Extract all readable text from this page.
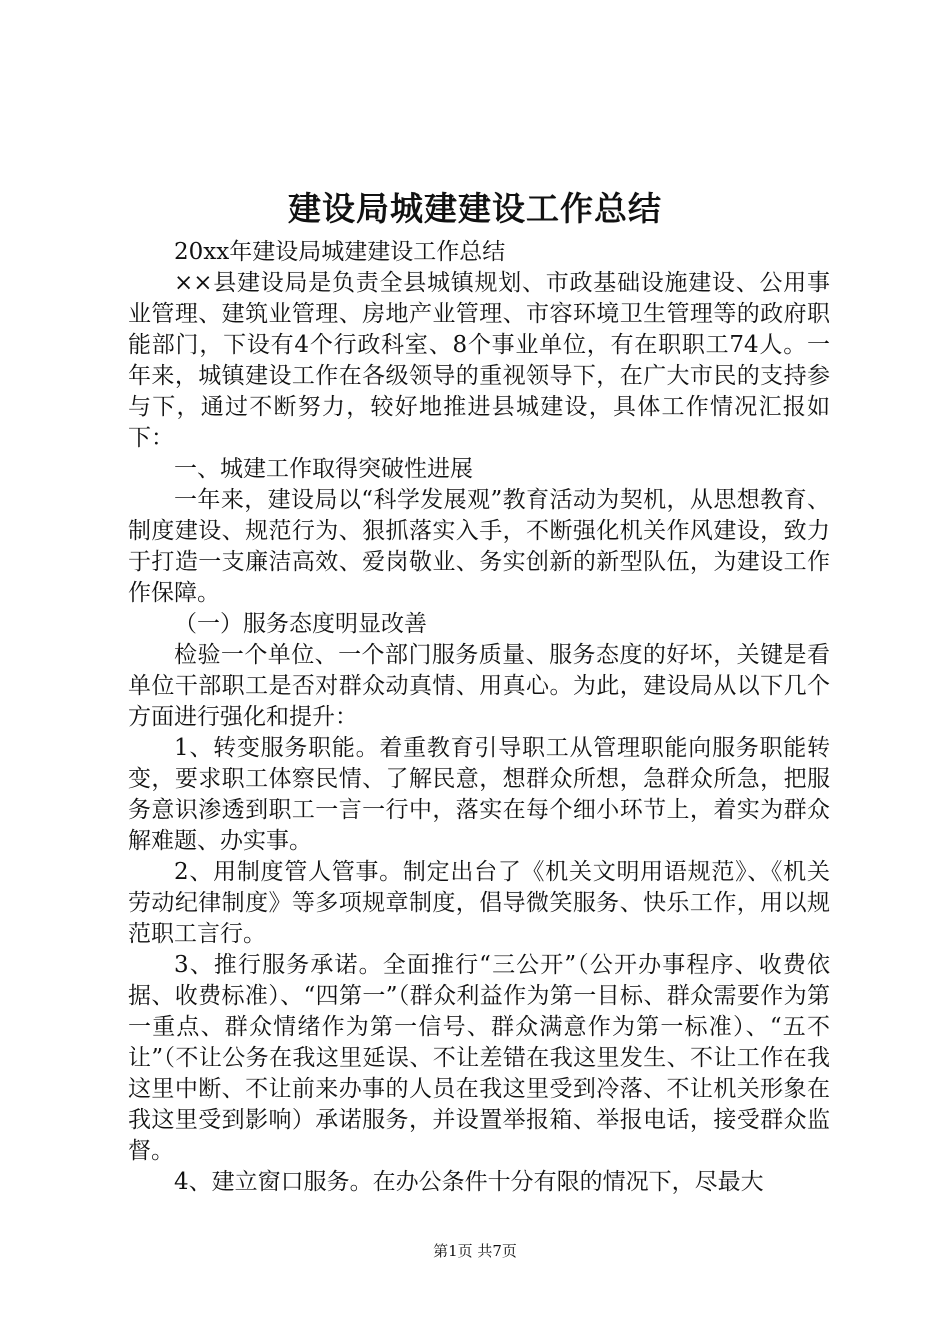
建设局城建建设工作总结

20xx年建设局城建建设工作总结

××县建设局是负责全县城镇规划、市政基础设施建设、公用事业管理、建筑业管理、房地产业管理、市容环境卫生管理等的政府职能部门，下设有4个行政科室、8个事业单位，有在职职工74人。一年来，城镇建设工作在各级领导的重视领导下，在广大市民的支持参与下，通过不断努力，较好地推进县城建设，具体工作情况汇报如下：

一、城建工作取得突破性进展

一年来，建设局以“科学发展观”教育活动为契机，从思想教育、制度建设、规范行为、狠抓落实入手，不断强化机关作风建设，致力于打造一支廉洁高效、爱岗敬业、务实创新的新型队伍，为建设工作作保障。

（一）服务态度明显改善

检验一个单位、一个部门服务质量、服务态度的好坏，关键是看单位干部职工是否对群众动真情、用真心。为此，建设局从以下几个方面进行强化和提升：

1、转变服务职能。着重教育引导职工从管理职能向服务职能转变，要求职工体察民情、了解民意，想群众所想，急群众所急，把服务意识渗透到职工一言一行中，落实在每个细小环节上，着实为群众解难题、办实事。

2、用制度管人管事。制定出台了《机关文明用语规范》、《机关劳动纪律制度》等多项规章制度，倡导微笑服务、快乐工作，用以规范职工言行。

3、推行服务承诺。全面推行“三公开”（公开办事程序、收费依据、收费标准）、“四第一”（群众利益作为第一目标、群众需要作为第一重点、群众情绪作为第一信号、群众满意作为第一标准）、“五不让”（不让公务在我这里延误、不让差错在我这里发生、不让工作在我这里中断、不让前来办事的人员在我这里受到冷落、不让机关形象在我这里受到影响）承诺服务，并设置举报箱、举报电话，接受群众监督。

4、建立窗口服务。在办公条件十分有限的情况下，尽最大

第1页 共7页
